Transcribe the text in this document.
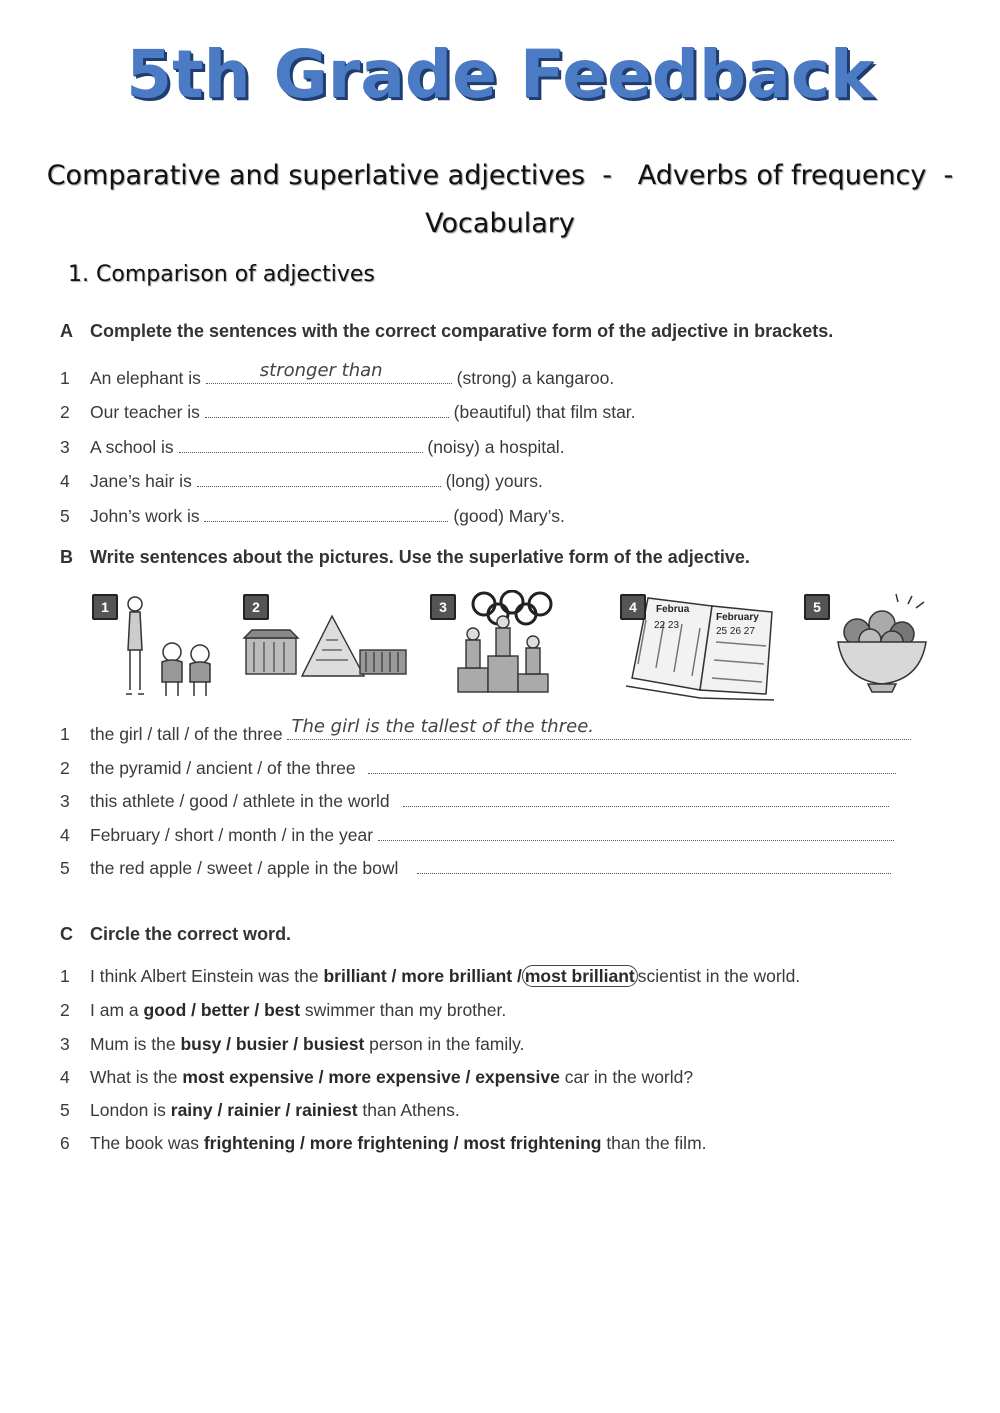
5th Grade Feedback
Comparative and superlative adjectives  -   Adverbs of frequency  -
Vocabulary
1. Comparison of adjectives
A Complete the sentences with the correct comparative form of the adjective in brackets.
1 An elephant is	stronger than	(strong) a kangaroo.
2 Our teacher is	(beautiful) that film star.
3 A school is	(noisy) a hospital.
4 Jane’s hair is	(long) yours.
5 John’s work is	(good) Mary’s.
B Write sentences about the pictures. Use the superlative form of the adjective.
1	2	3	4	Februa
February
22 23
25 26 27
5
1 the girl / tall / of the three The girl is the tallest of the three.
2 the pyramid / ancient / of the three
3 this athlete / good / athlete in the world
4 February / short / month / in the year
5 the red apple / sweet / apple in the bowl
C Circle the correct word.
1 I think Albert Einstein was the brilliant / more brilliant / most brilliant scientist in the world.
2 I am a good / better / best swimmer than my brother.
3 Mum is the busy / busier / busiest person in the family.
4 What is the most expensive / more expensive / expensive car in the world?
5 London is rainy / rainier / rainiest than Athens.
6 The book was frightening / more frightening / most frightening than the film.
